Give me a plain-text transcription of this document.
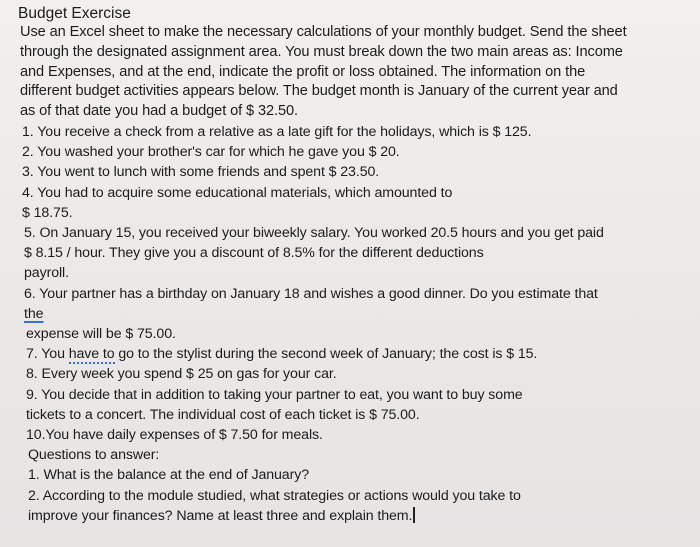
Budget Exercise
Use an Excel sheet to make the necessary calculations of your monthly budget. Send the sheet
through the designated assignment area. You must break down the two main areas as: Income
and Expenses, and at the end, indicate the profit or loss obtained. The information on the
different budget activities appears below. The budget month is January of the current year and
as of that date you had a budget of $ 32.50.
1. You receive a check from a relative as a late gift for the holidays, which is $ 125.
2. You washed your brother's car for which he gave you $ 20.
3. You went to lunch with some friends and spent $ 23.50.
4. You had to acquire some educational materials, which amounted to
$ 18.75.
5. On January 15, you received your biweekly salary. You worked 20.5 hours and you get paid
$ 8.15 / hour. They give you a discount of 8.5% for the different deductions
payroll.
6. Your partner has a birthday on January 18 and wishes a good dinner. Do you estimate that
the
expense will be $ 75.00.
7. You have to go to the stylist during the second week of January; the cost is $ 15.
8. Every week you spend $ 25 on gas for your car.
9. You decide that in addition to taking your partner to eat, you want to buy some
tickets to a concert. The individual cost of each ticket is $ 75.00.
10.You have daily expenses of $ 7.50 for meals.
Questions to answer:
1. What is the balance at the end of January?
2. According to the module studied, what strategies or actions would you take to
improve your finances? Name at least three and explain them.
